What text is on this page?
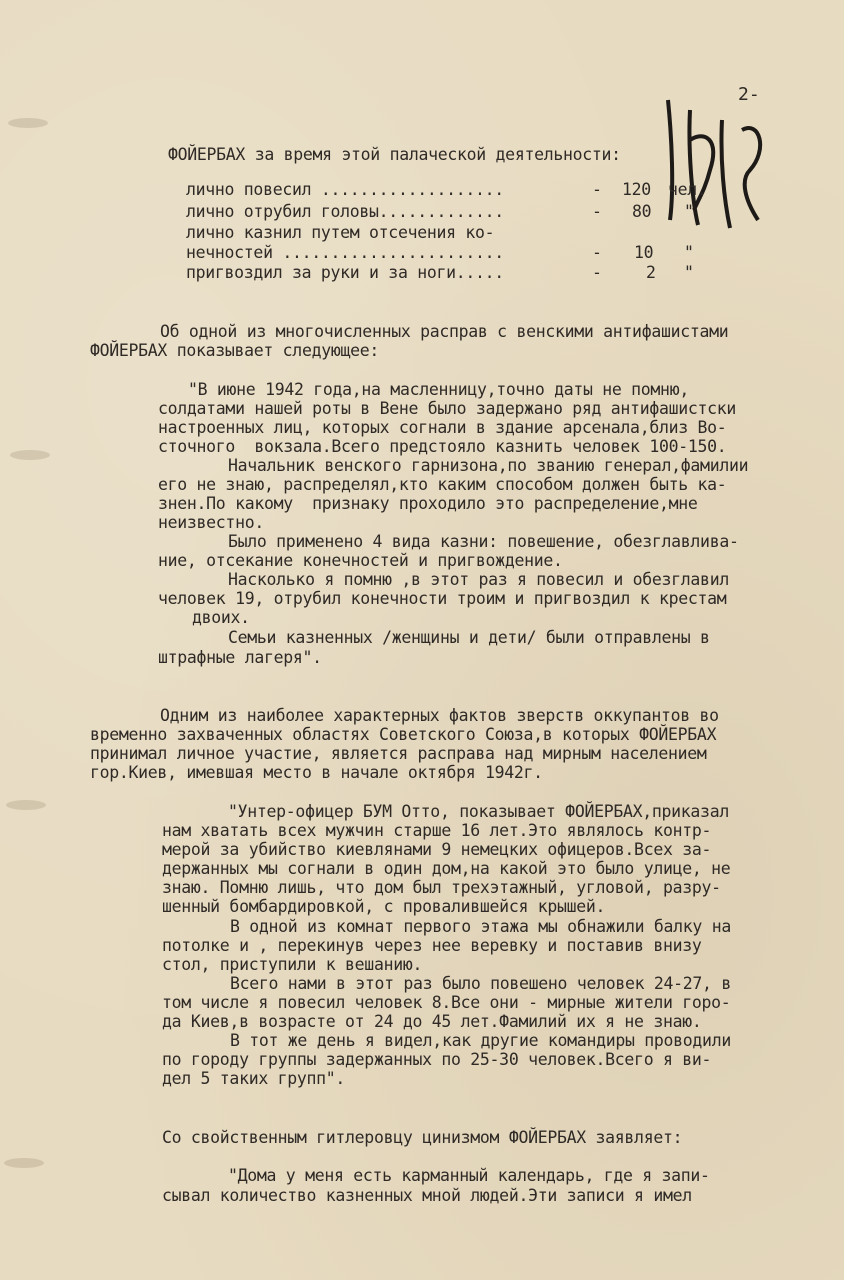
2-
ФОЙЕРБАХ за время этой палаческой деятельности:
лично повесил ...................	- 120 чел.
лично отрубил головы.............	- 80 "
лично казнил путем отсечения ко-
нечностей .......................	- 10 "
пригвоздил за руки и за ноги.....	-	2 "
Об одной из многочисленных расправ с венскими антифашистами
ФОЙЕРБАХ показывает следующее:
"В июне 1942 года,на масленницу,точно даты не помню,
солдатами нашей роты в Вене было задержано ряд антифашистски
настроенных лиц, которых согнали в здание арсенала,близ Во-
сточного  вокзала.Всего предстояло казнить человек 100-150.
Начальник венского гарнизона,по званию генерал,фамилии
его не знаю, распределял,кто каким способом должен быть ка-
знен.По какому  признаку проходило это распределение,мне
неизвестно.
Было применено 4 вида казни: повешение, обезглавлива-
ние, отсекание конечностей и пригвождение.
Насколько я помню ,в этот раз я повесил и обезглавил
человек 19, отрубил конечности троим и пригвоздил к крестам
двоих.
Семьи казненных /женщины и дети/ были отправлены в
штрафные лагеря".
Одним из наиболее характерных фактов зверств оккупантов во
временно захваченных областях Советского Союза,в которых ФОЙЕРБАХ
принимал личное участие, является расправа над мирным населением
гор.Киев, имевшая место в начале октября 1942г.
"Унтер-офицер БУМ Отто, показывает ФОЙЕРБАХ,приказал
нам хватать всех мужчин старше 16 лет.Это являлось контр-
мерой за убийство киевлянами 9 немецких офицеров.Всех за-
держанных мы согнали в один дом,на какой это было улице, не
знаю. Помню лишь, что дом был трехэтажный, угловой, разру-
шенный бомбардировкой, с провалившейся крышей.
В одной из комнат первого этажа мы обнажили балку на
потолке и , перекинув через нее веревку и поставив внизу
стол, приступили к вешанию.
Всего нами в этот раз было повешено человек 24-27, в
том числе я повесил человек 8.Все они - мирные жители горо-
да Киев,в возрасте от 24 до 45 лет.Фамилий их я не знаю.
В тот же день я видел,как другие командиры проводили
по городу группы задержанных по 25-30 человек.Всего я ви-
дел 5 таких групп".
Со свойственным гитлеровцу цинизмом ФОЙЕРБАХ заявляет:
"Дома у меня есть карманный календарь, где я запи-
сывал количество казненных мной людей.Эти записи я имел
